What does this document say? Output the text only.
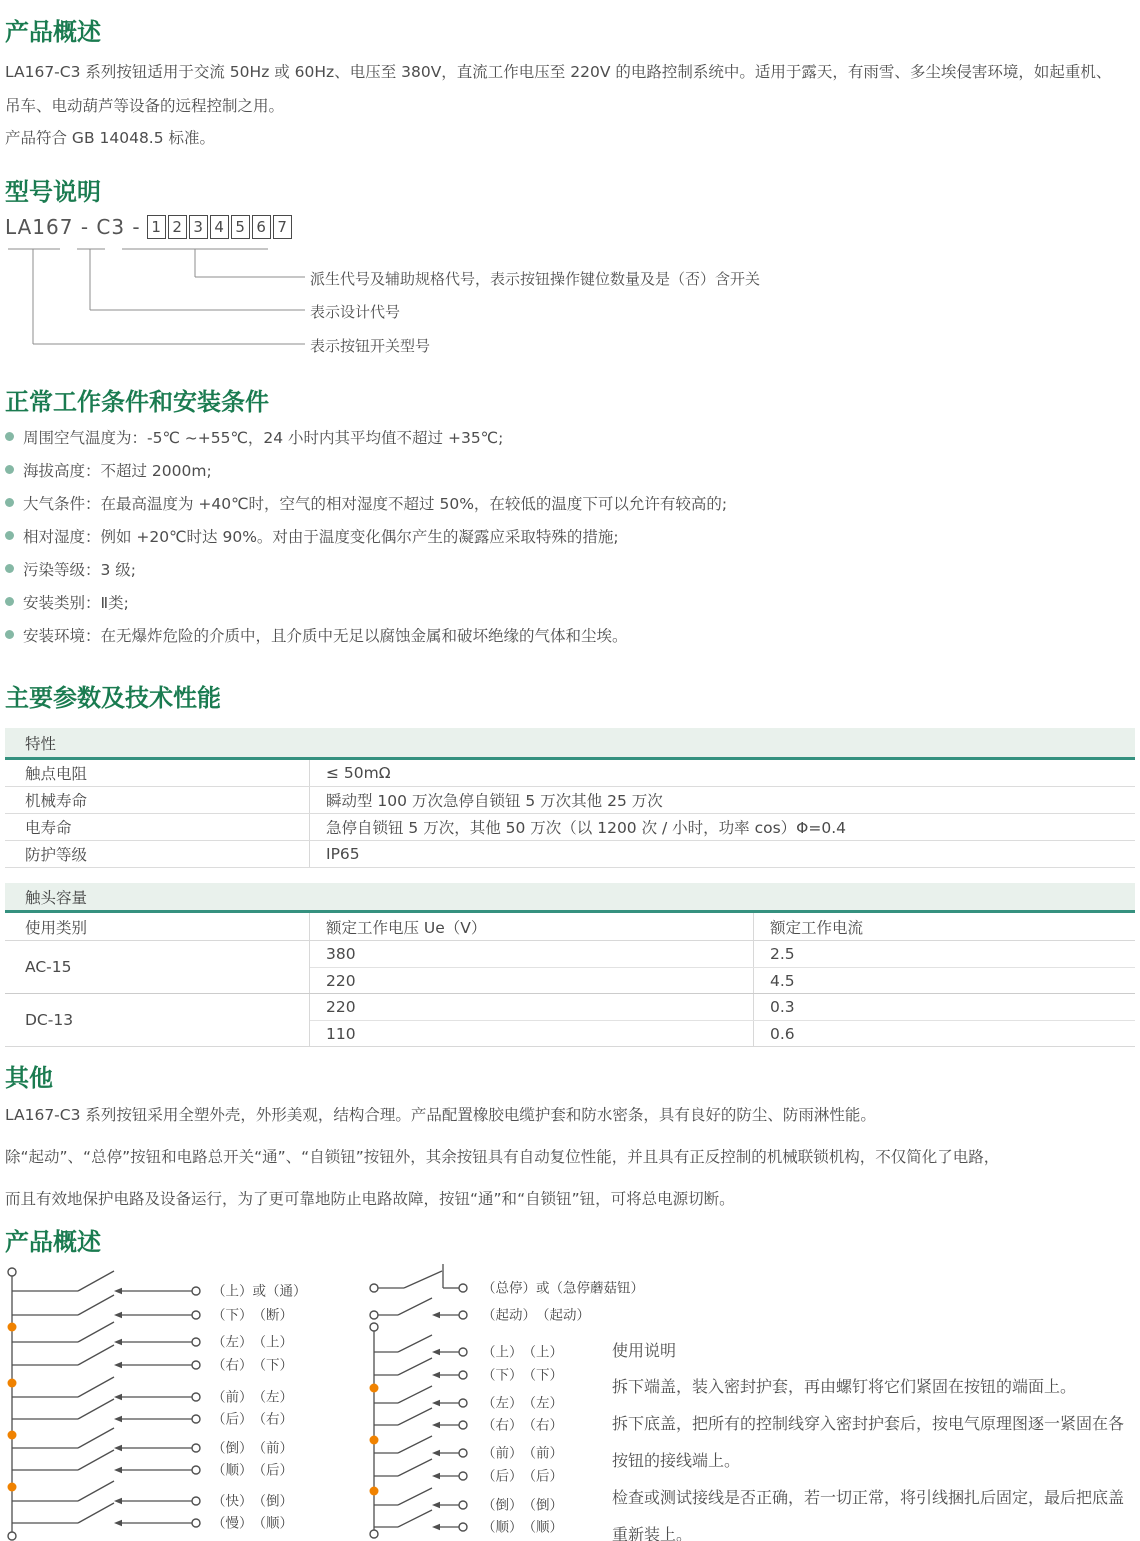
产品概述
LA167-C3 系列按钮适用于交流 50Hz 或 60Hz、电压至 380V，直流工作电压至 220V 的电路控制系统中。适用于露天，有雨雪、多尘埃侵害环境，如起重机、
吊车、电动葫芦等设备的远程控制之用。
产品符合 GB 14048.5 标准。
型号说明
LA167 - C3 - 1 2 3 4 5 6 7
派生代号及辅助规格代号，表示按钮操作键位数量及是（否）含开关
表示设计代号
表示按钮开关型号
正常工作条件和安装条件
周围空气温度为：-5℃ ~+55℃，24 小时内其平均值不超过 +35℃;
海拔高度：不超过 2000m;
大气条件：在最高温度为 +40℃时，空气的相对湿度不超过 50%，在较低的温度下可以允许有较高的;
相对湿度：例如 +20℃时达 90%。对由于温度变化偶尔产生的凝露应采取特殊的措施;
污染等级：3 级;
安装类别：Ⅱ类;
安装环境：在无爆炸危险的介质中，且介质中无足以腐蚀金属和破坏绝缘的气体和尘埃。
主要参数及技术性能
特性
触点电阻	≤ 50mΩ
机械寿命	瞬动型 100 万次急停自锁钮 5 万次其他 25 万次
电寿命	急停自锁钮 5 万次，其他 50 万次（以 1200 次 / 小时，功率 cos）Φ=0.4
防护等级	IP65
触头容量
使用类别	额定工作电压 Ue（V）	额定工作电流
AC-15
380	2.5
220	4.5
DC-13
220	0.3
110	0.6
其他
LA167-C3 系列按钮采用全塑外壳，外形美观，结构合理。产品配置橡胶电缆护套和防水密条，具有良好的防尘、防雨淋性能。
除“起动”、“总停”按钮和电路总开关“通”、“自锁钮”按钮外，其余按钮具有自动复位性能，并且具有正反控制的机械联锁机构，不仅简化了电路，
而且有效地保护电路及设备运行，为了更可靠地防止电路故障，按钮“通”和“自锁钮”钮，可将总电源切断。
产品概述
（上）或（通）
（下）　（断）
（左）　（上）
（右）　（下）
（前）　（左）
（后）　（右）
（倒）　（前）
（顺）　（后）
（快）　（倒）
（慢）　（顺）
（总停）或（急停蘑菇钮）
（起动）　（起动）
（上）　（上）
（下）　（下）
（左）　（左）
（右）　（右）
（前）　（前）
（后）　（后）
（倒）　（倒）
（顺）　（顺）
使用说明
拆下端盖，装入密封护套，再由螺钉将它们紧固在按钮的端面上。
拆下底盖，把所有的控制线穿入密封护套后，按电气原理图逐一紧固在各
按钮的接线端上。
检查或测试接线是否正确，若一切正常，将引线捆扎后固定，最后把底盖
重新装上。
